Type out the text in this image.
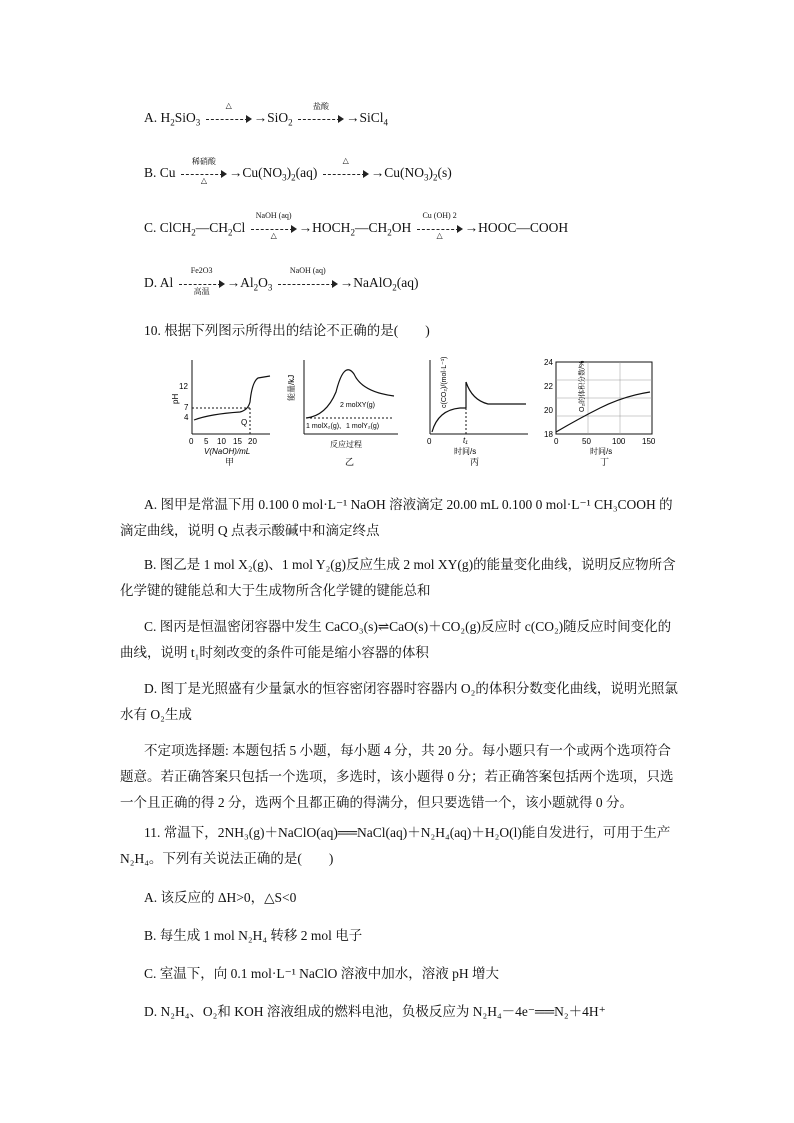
A. $H_2SiO_3$
△
→SiO$_2$
盐酸
→SiCl$_4$
B. Cu
稀硝酸
△
$\to Cu(NO_3)_2(aq)$
△
$\to Cu(NO_3)_2(s)$
C. $ClCH_2—CH_2Cl$
NaOH (aq)
△
$\to HOCH_2—CH_2OH$
Cu (OH) 2
△
→HOOC—COOH
D. Al
Fe2O3
高温
$\to Al_2O_3$
NaOH (aq)
→NaAlO$_2$(aq)
10. 根据下列图示所得出的结论不正确的是(　　)
pH
12
7
4
0 5 10 15 20
V(NaOH)/mL
甲
Q
能量/kJ
2 molXY(g)
1 molX₂(g)、1 molY₂(g)
反应过程
乙
c(CO₂)/(mol·L⁻¹)
0	t₁
时间/s
丙
O₂的体积分数/%
24
22
20
18
0	50	100 150
时间/s
丁
A. 图甲是常温下用 0.100 0 mol·L⁻¹ NaOH 溶液滴定 20.00 mL 0.100 0 mol·L⁻¹ CH₃COOH 的滴定曲线，说明 Q 点表示酸碱中和滴定终点
B. 图乙是 1 mol X₂(g)、1 mol Y₂(g)反应生成 2 mol XY(g)的能量变化曲线，说明反应物所含化学键的键能总和大于生成物所含化学键的键能总和
C. 图丙是恒温密闭容器中发生 CaCO₃(s)⇌CaO(s)＋CO₂(g)反应时 c(CO₂)随反应时间变化的曲线，说明 t₁时刻改变的条件可能是缩小容器的体积
D. 图丁是光照盛有少量氯水的恒容密闭容器时容器内 O₂的体积分数变化曲线，说明光照氯水有 O₂生成
不定项选择题: 本题包括 5 小题，每小题 4 分，共 20 分。每小题只有一个或两个选项符合题意。若正确答案只包括一个选项，多选时，该小题得 0 分；若正确答案包括两个选项，只选一个且正确的得 2 分，选两个且都正确的得满分，但只要选错一个，该小题就得 0 分。
11. 常温下，2NH₃(g)＋NaClO(aq)══NaCl(aq)＋N₂H₄(aq)＋H₂O(l)能自发进行，可用于生产 N₂H₄。下列有关说法正确的是(　　)
A. 该反应的 ΔH>0，△S<0
B. 每生成 1 mol N₂H₄ 转移 2 mol 电子
C. 室温下，向 0.1 mol·L⁻¹ NaClO 溶液中加水，溶液 pH 增大
D. N₂H₄、O₂和 KOH 溶液组成的燃料电池，负极反应为 N₂H₄－4e⁻══N₂＋4H⁺
